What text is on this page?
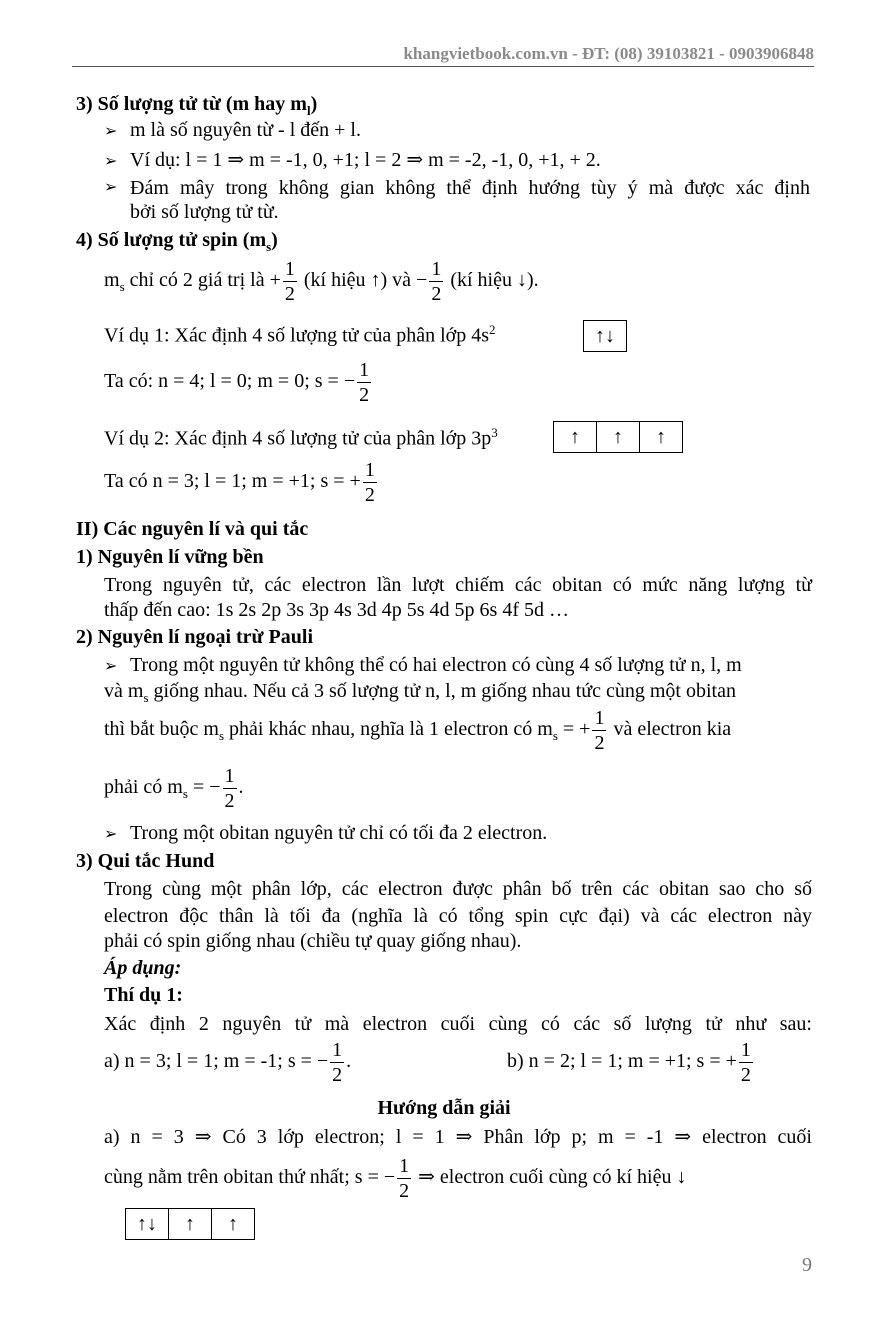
khangvietbook.com.vn - ĐT: (08) 39103821 - 0903906848
3) Số lượng tử từ (m hay $m_l$)
➢ m là số nguyên từ - l đến + l.
➢ Ví dụ: l = 1 ⇒ m = -1, 0, +1; l = 2 ⇒ m = -2, -1, 0, +1, + 2.
➢ Đám mây trong không gian không thể định hướng tùy ý mà được xác định
bởi số lượng tử từ.
4) Số lượng tử spin $(m_s)$
$m_s$ chỉ có 2 giá trị là + $\frac{1}{2}$ (kí hiệu ↑) và − $\frac{1}{2}$ (kí hiệu ↓).
Ví dụ 1: Xác định 4 số lượng tử của phân lớp $4s^2$	↑↓
Ta có: n = 4; l = 0; m = 0; s = − $\frac{1}{2}$
Ví dụ 2: Xác định 4 số lượng tử của phân lớp $3p^3$	↑	↑	↑
Ta có n = 3; l = 1; m = +1; s = + $\frac{1}{2}$
II) Các nguyên lí và qui tắc
1) Nguyên lí vững bền
Trong nguyên tử, các electron lần lượt chiếm các obitan có mức năng lượng từ
thấp đến cao: 1s 2s 2p 3s 3p 4s 3d 4p 5s 4d 5p 6s 4f 5d …
2) Nguyên lí ngoại trừ Pauli
➢ Trong một nguyên tử không thể có hai electron có cùng 4 số lượng tử n, l, m
và $m_s$ giống nhau. Nếu cả 3 số lượng tử n, l, m giống nhau tức cùng một obitan
thì bắt buộc $m_s$ phải khác nhau, nghĩa là 1 electron có $m_s$ = + $\frac{1}{2}$ và electron kia
phải có $m_s$ = − $\frac{1}{2}$ .
➢ Trong một obitan nguyên tử chỉ có tối đa 2 electron.
3) Qui tắc Hund
Trong cùng một phân lớp, các electron được phân bố trên các obitan sao cho số
electron độc thân là tối đa (nghĩa là có tổng spin cực đại) và các electron này
phải có spin giống nhau (chiều tự quay giống nhau).
Áp dụng:
Thí dụ 1:
Xác định 2 nguyên tử mà electron cuối cùng có các số lượng tử như sau:
a) n = 3; l = 1; m = -1; s = − $\frac{1}{2}$ .	b) n = 2; l = 1; m = +1; s = + $\frac{1}{2}$
Hướng dẫn giải
a) n = 3 ⇒ Có 3 lớp electron; l = 1 ⇒ Phân lớp p; m = -1 ⇒ electron cuối
cùng nằm trên obitan thứ nhất; s = − $\frac{1}{2}$ ⇒ electron cuối cùng có kí hiệu ↓
↑↓	↑	↑
9
